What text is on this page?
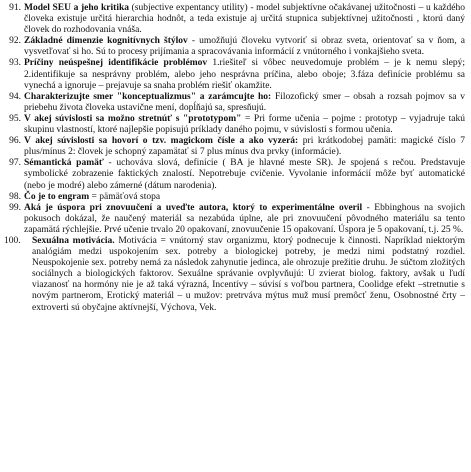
91. Model SEU a jeho kritika (subjective expentancy utility) - model subjektívne očakávanej užitočnosti – u každého človeka existuje určitá hierarchia hodnôt, a teda existuje aj určitá stupnica subjektívnej užitočnosti , ktorú daný človek do rozhodovania vnáša.
92. Základné dimenzie kognitívnych štýlov - umožňujú človeku vytvoriť si obraz sveta, orientovať sa v ňom, a vysvetľovať si ho. Sú to procesy prijímania a spracovávania informácií z vnútorného i vonkajšieho sveta.
93. Príčiny neúspešnej identifikácie problémov 1.riešiteľ si vôbec neuvedomuje problém – je k nemu slepý; 2.identifikuje sa nesprávny problém, alebo jeho nesprávna príčina, alebo oboje; 3.fáza definície problému sa vynechá a ignoruje – prejavuje sa snaha problém riešiť okamžite.
94. Charakterizujte smer "konceptualizmus" a zarámcujte ho: Filozofický smer – obsah a rozsah pojmov sa v priebehu života človeka ustavične mení, dopĺňajú sa, spresňujú.
95. V akej súvislosti sa možno stretnúť s "prototypom" = Pri forme učenia – pojme : prototyp – vyjadruje takú skupinu vlastností, ktoré najlepšie popisujú príklady daného pojmu, v súvislosti s formou učenia.
96. V akej súvislosti sa hovorí o tzv. magickom čísle a ako vyzerá: pri krátkodobej pamäti: magické číslo 7 plus/mínus 2: človek je schopný zapamätať si 7 plus mínus dva prvky (informácie).
97. Sémantická pamäť - uchováva slová, definície ( BA je hlavné meste SR). Je spojená s rečou. Predstavuje symbolické zobrazenie faktických znalostí. Nepotrebuje cvičenie. Vyvolanie informácií môže byť automatické (nebo je modré) alebo zámerné (dátum narodenia).
98. Čo je to engram = pämäťová stopa
99. Aká je úspora pri znovuučení a uveďte autora, ktorý to experimentálne overil - Ebbinghous na svojich pokusoch dokázal, že naučený materiál sa nezabúda úplne, ale pri znovuučení pôvodného materiálu sa tento zapamätá rýchlejšie. Prvé učenie trvalo 20 opakovaní, znovuučenie 15 opakovaní. Úspora je 5 opakovaní, t.j. 25 %.
100.	Sexuálna motivácia. Motivácia = vnútorný stav organizmu, ktorý podnecuje k činnosti. Napríklad niektorým analógiám medzi uspokojením sex. potreby a biologickej potreby, je medzi nimi podstatný rozdiel. Neuspokojenie sex. potreby nemá za následok zahynutie jedinca, ale ohrozuje prežitie druhu. Je súčtom zložitých sociálnych a biologických faktorov. Sexuálne správanie ovplyvňujú: U zvierat biolog. faktory, avšak u ľudí viazanosť na hormóny nie je až taká výrazná, Incentívy – súvisí s voľbou partnera, Coolidge efekt –stretnutie s novým partnerom, Erotický materiál – u mužov: pretrváva mýtus muž musí premôcť ženu, Osobnostné črty – extroverti sú obyčajne aktívnejší, Výchova, Vek.
